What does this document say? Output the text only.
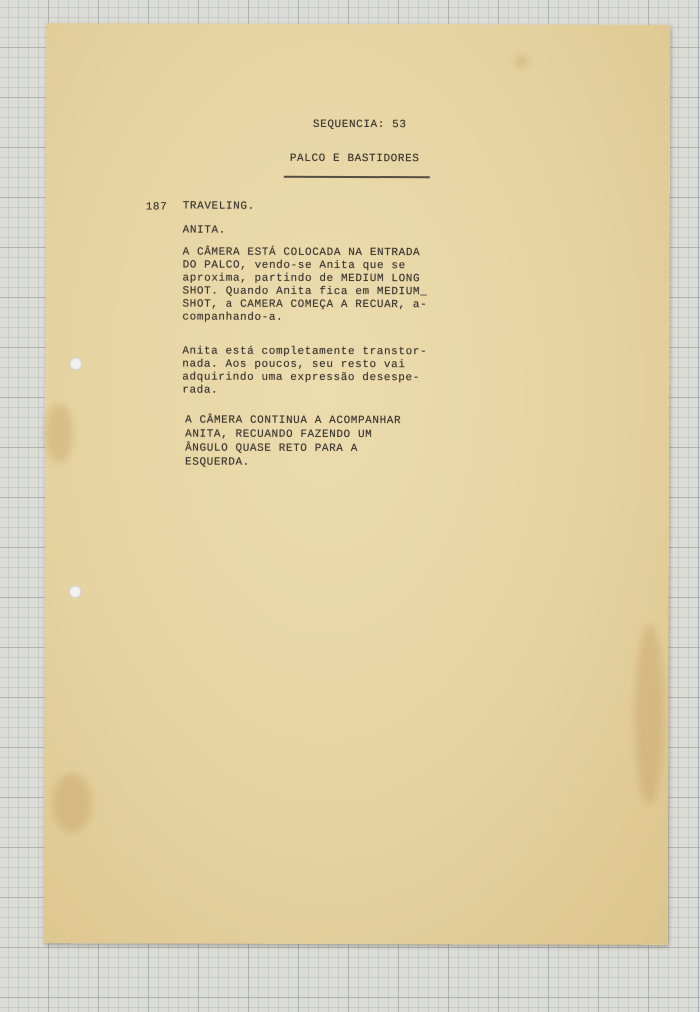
SEQUENCIA: 53
PALCO E BASTIDORES
187 TRAVELING.
ANITA.
A CÂMERA ESTÁ COLOCADA NA ENTRADA
DO PALCO, vendo-se Anita que se
aproxima, partindo de MEDIUM LONG
SHOT. Quando Anita fica em MEDIUM_
SHOT, a CAMERA COMEÇA A RECUAR, a-
companhando-a.
Anita está completamente transtor-
nada. Aos poucos, seu resto vai
adquirindo uma expressão desespe-
rada.
A CÂMERA CONTINUA A ACOMPANHAR
ANITA, RECUANDO FAZENDO UM
ÂNGULO QUASE RETO PARA A
ESQUERDA.
